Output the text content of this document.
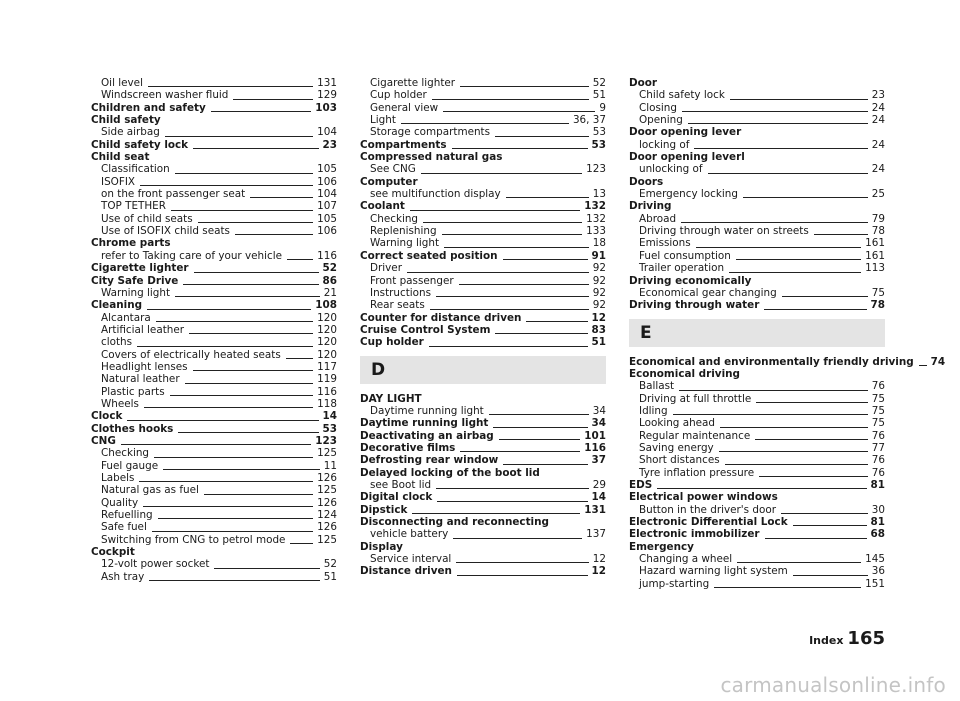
Oil level	131
Windscreen washer fluid	129
Children and safety	103
Child safety
Side airbag	104
Child safety lock	23
Child seat
Classification	105
ISOFIX	106
on the front passenger seat	104
TOP TETHER	107
Use of child seats	105
Use of ISOFIX child seats	106
Chrome parts
refer to Taking care of your vehicle	116
Cigarette lighter	52
City Safe Drive	86
Warning light	21
Cleaning	108
Alcantara	120
Artificial leather	120
cloths	120
Covers of electrically heated seats	120
Headlight lenses	117
Natural leather	119
Plastic parts	116
Wheels	118
Clock	14
Clothes hooks	53
CNG	123
Checking	125
Fuel gauge	11
Labels	126
Natural gas as fuel	125
Quality	126
Refuelling	124
Safe fuel	126
Switching from CNG to petrol mode	125
Cockpit
12-volt power socket	52
Ash tray	51
Cigarette lighter	52
Cup holder	51
General view	9
Light	36, 37
Storage compartments	53
Compartments	53
Compressed natural gas
See CNG	123
Computer
see multifunction display	13
Coolant	132
Checking	132
Replenishing	133
Warning light	18
Correct seated position	91
Driver	92
Front passenger	92
Instructions	92
Rear seats	92
Counter for distance driven	12
Cruise Control System	83
Cup holder	51
D
DAY LIGHT
Daytime running light	34
Daytime running light	34
Deactivating an airbag	101
Decorative films	116
Defrosting rear window	37
Delayed locking of the boot lid
see Boot lid	29
Digital clock	14
Dipstick	131
Disconnecting and reconnecting
vehicle battery	137
Display
Service interval	12
Distance driven	12
Door
Child safety lock	23
Closing	24
Opening	24
Door opening lever
locking of	24
Door opening leverl
unlocking of	24
Doors
Emergency locking	25
Driving
Abroad	79
Driving through water on streets	78
Emissions	161
Fuel consumption	161
Trailer operation	113
Driving economically
Economical gear changing	75
Driving through water	78
E
Economical and environmentally friendly driving 74
Economical driving
Ballast	76
Driving at full throttle	75
Idling	75
Looking ahead	75
Regular maintenance	76
Saving energy	77
Short distances	76
Tyre inflation pressure	76
EDS	81
Electrical power windows
Button in the driver's door	30
Electronic Differential Lock	81
Electronic immobilizer	68
Emergency
Changing a wheel	145
Hazard warning light system	36
jump-starting	151
Index 165
carmanualsonline.info
